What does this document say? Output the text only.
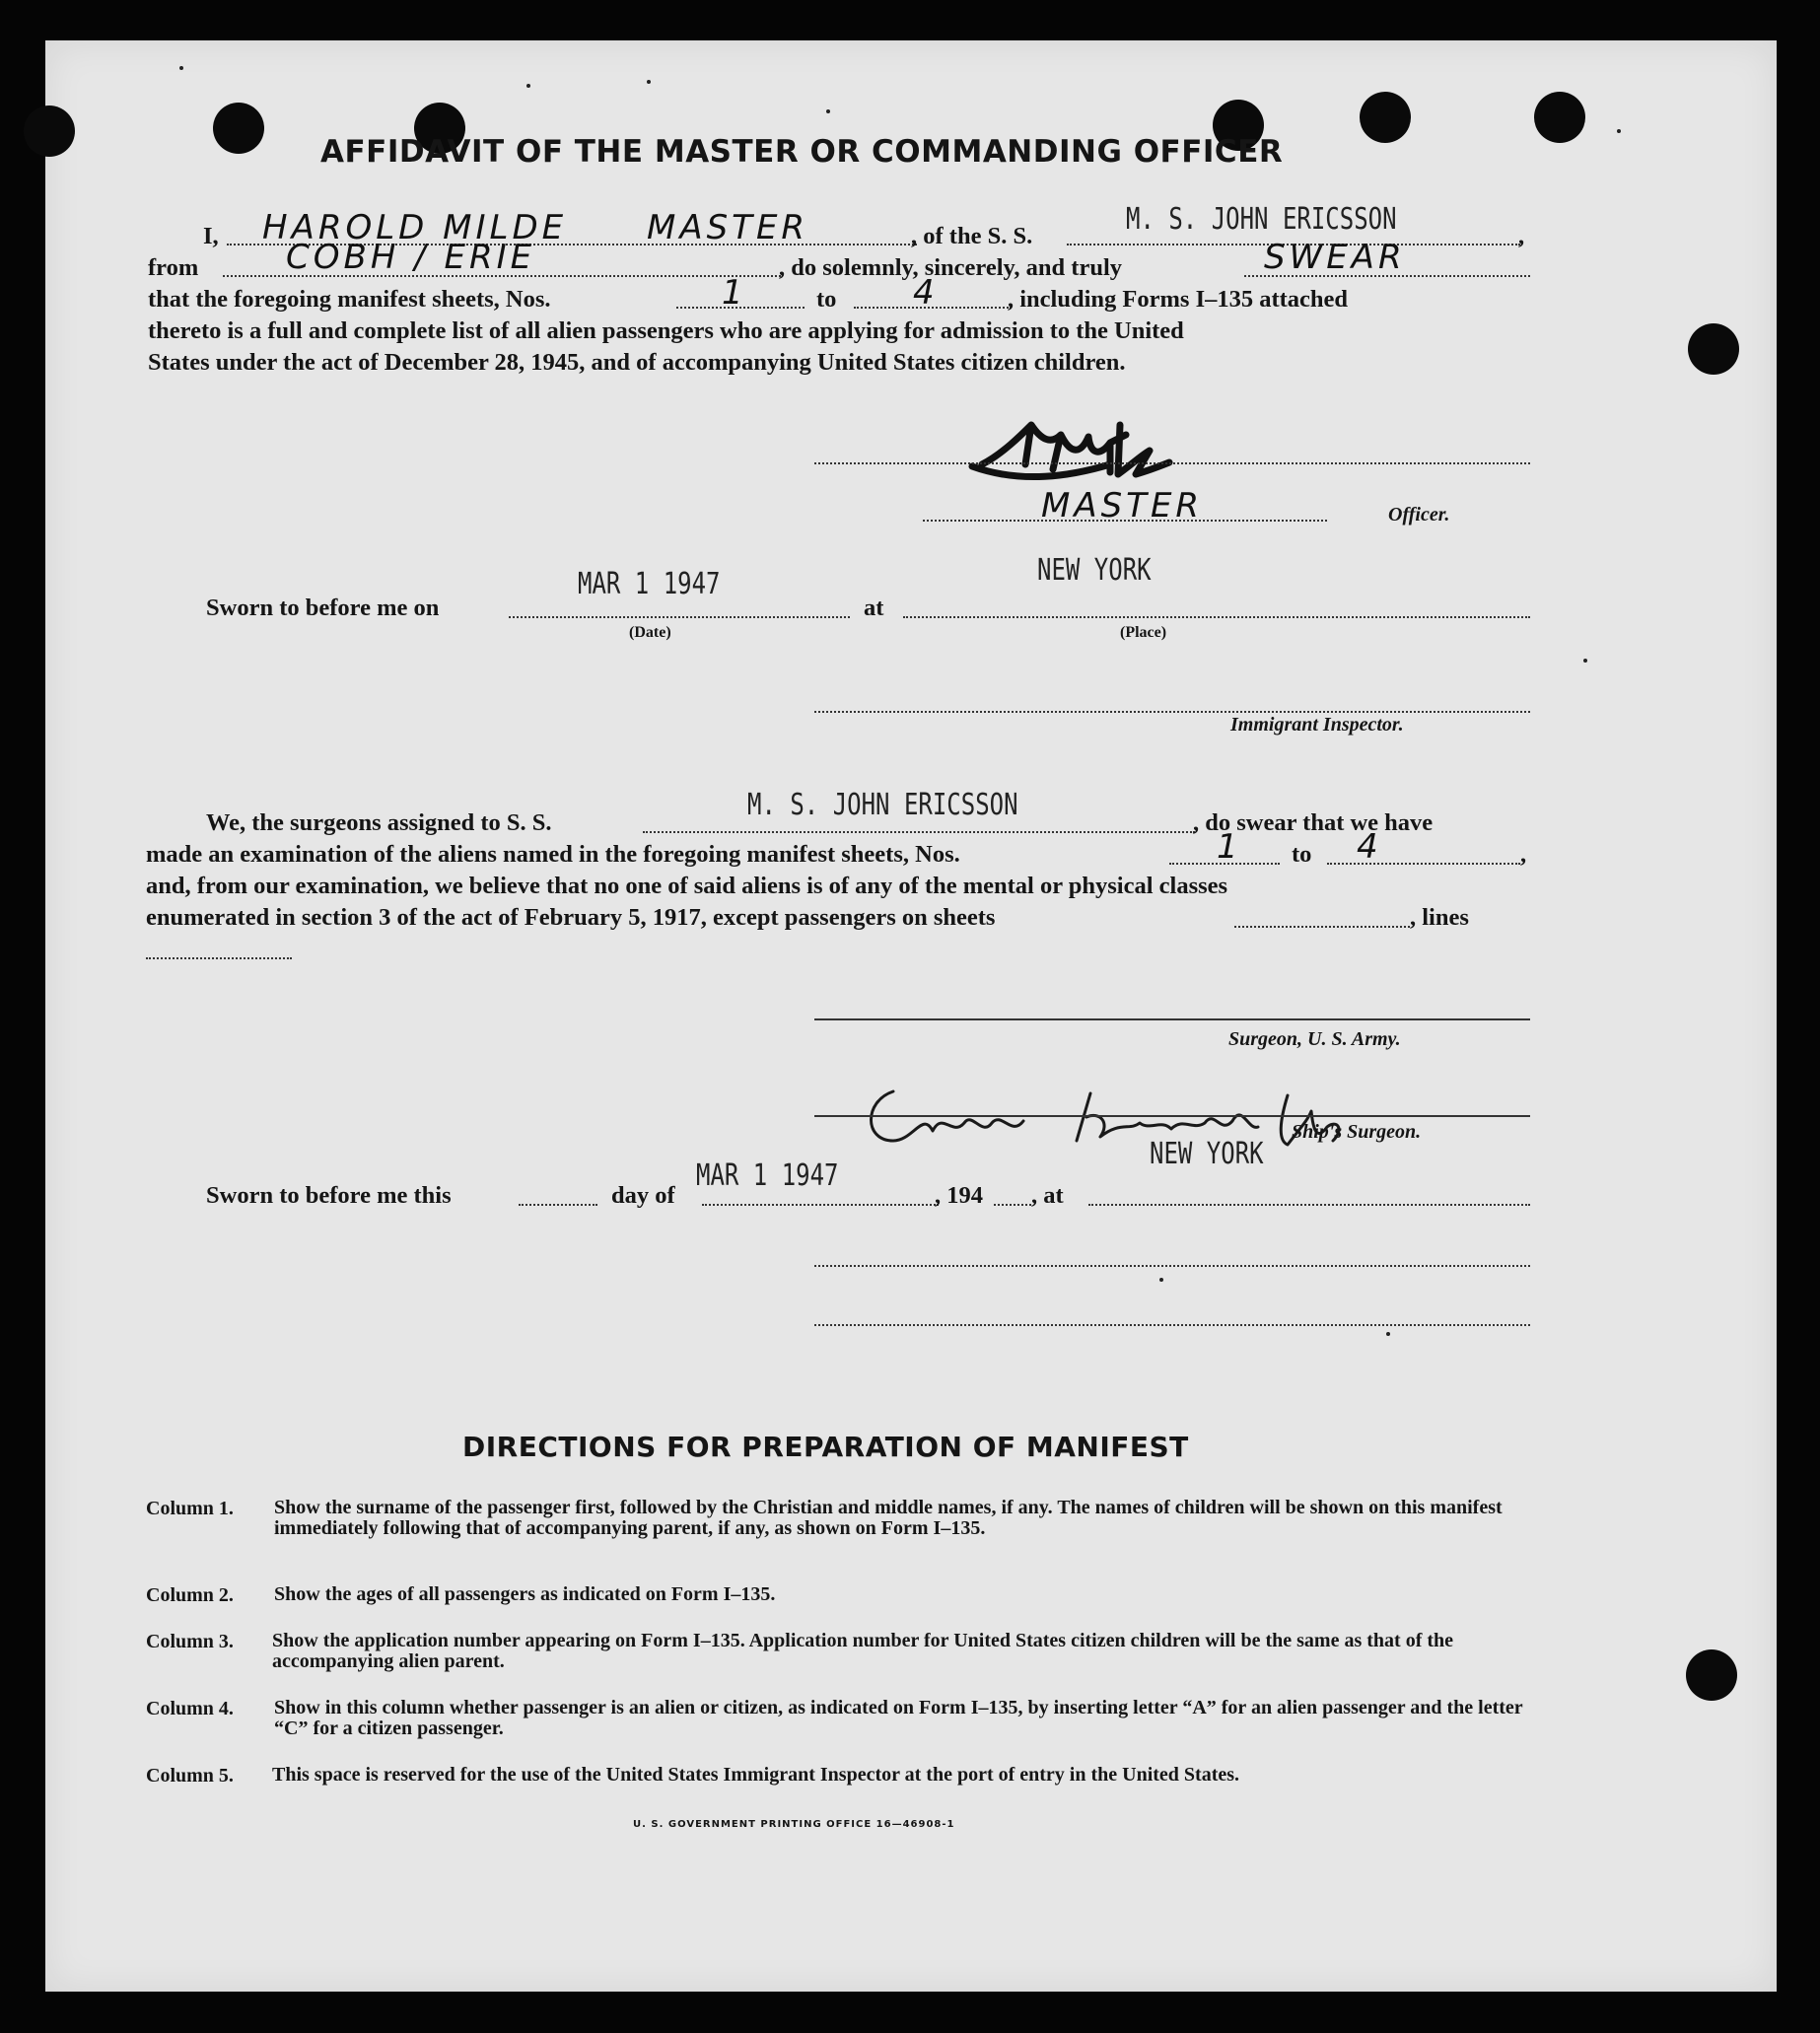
AFFIDAVIT OF THE MASTER OR COMMANDING OFFICER
I, HAROLD MILDE MASTER	, of the S. S.	M. S. JOHN ERICSSON	,
from	COBH / ERIE	, do solemnly, sincerely, and truly	SWEAR
that the foregoing manifest sheets, Nos.	1	to 4	, including Forms I–135 attached
thereto is a full and complete list of all alien passengers who are applying for admission to the United
States under the act of December 28, 1945, and of accompanying United States citizen children.
MASTER	Officer.
NEW YORK
Sworn to before me on
MAR 1 1947
at
(Date)	(Place)
Immigrant Inspector.
We, the surgeons assigned to S. S.
M. S. JOHN ERICSSON
, do swear that we have
made an examination of the aliens named in the foregoing manifest sheets, Nos.	1 to 4	,
and, from our examination, we believe that no one of said aliens is of any of the mental or physical classes
enumerated in section 3 of the act of February 5, 1917, except passengers on sheets	, lines
Surgeon, U. S. Army.
Ship's Surgeon.
NEW YORK
MAR 1 1947
Sworn to before me this	day of	, 194 , at
DIRECTIONS FOR PREPARATION OF MANIFEST
Column 1. Show the surname of the passenger first, followed by the Christian and middle names, if any. The names of children will be shown on this manifest immediately following that of accompanying parent, if any, as shown on Form I–135.
Column 2. Show the ages of all passengers as indicated on Form I–135.
Column 3. Show the application number appearing on Form I–135. Application number for United States citizen children will be the same as that of the accompanying alien parent.
Column 4. Show in this column whether passenger is an alien or citizen, as indicated on Form I–135, by inserting letter “A” for an alien passenger and the letter “C” for a citizen passenger.
Column 5. This space is reserved for the use of the United States Immigrant Inspector at the port of entry in the United States.
U. S. GOVERNMENT PRINTING OFFICE 16—46908-1
